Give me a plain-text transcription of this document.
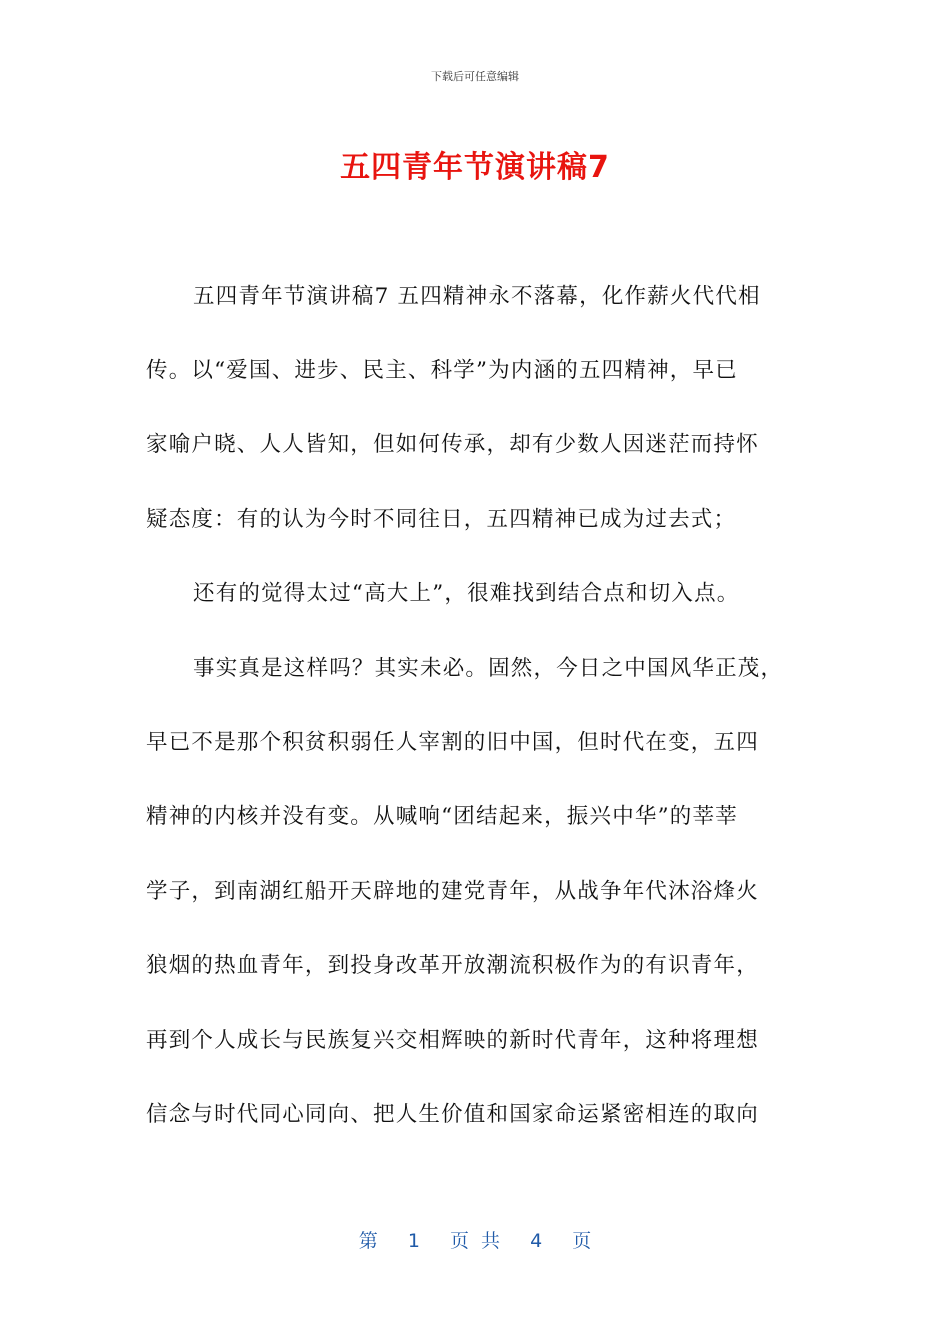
下载后可任意编辑
五四青年节演讲稿7
五四青年节演讲稿7 五四精神永不落幕，化作薪火代代相
传。以“爱国、进步、民主、科学”为内涵的五四精神，早已
家喻户晓、人人皆知，但如何传承，却有少数人因迷茫而持怀
疑态度：有的认为今时不同往日，五四精神已成为过去式；
还有的觉得太过“高大上”，很难找到结合点和切入点。
事实真是这样吗？其实未必。固然，今日之中国风华正茂，
早已不是那个积贫积弱任人宰割的旧中国，但时代在变，五四
精神的内核并没有变。从喊响“团结起来，振兴中华”的莘莘
学子，到南湖红船开天辟地的建党青年，从战争年代沐浴烽火
狼烟的热血青年，到投身改革开放潮流积极作为的有识青年，
再到个人成长与民族复兴交相辉映的新时代青年，这种将理想
信念与时代同心同向、把人生价值和国家命运紧密相连的取向
第 1 页 共 4 页
